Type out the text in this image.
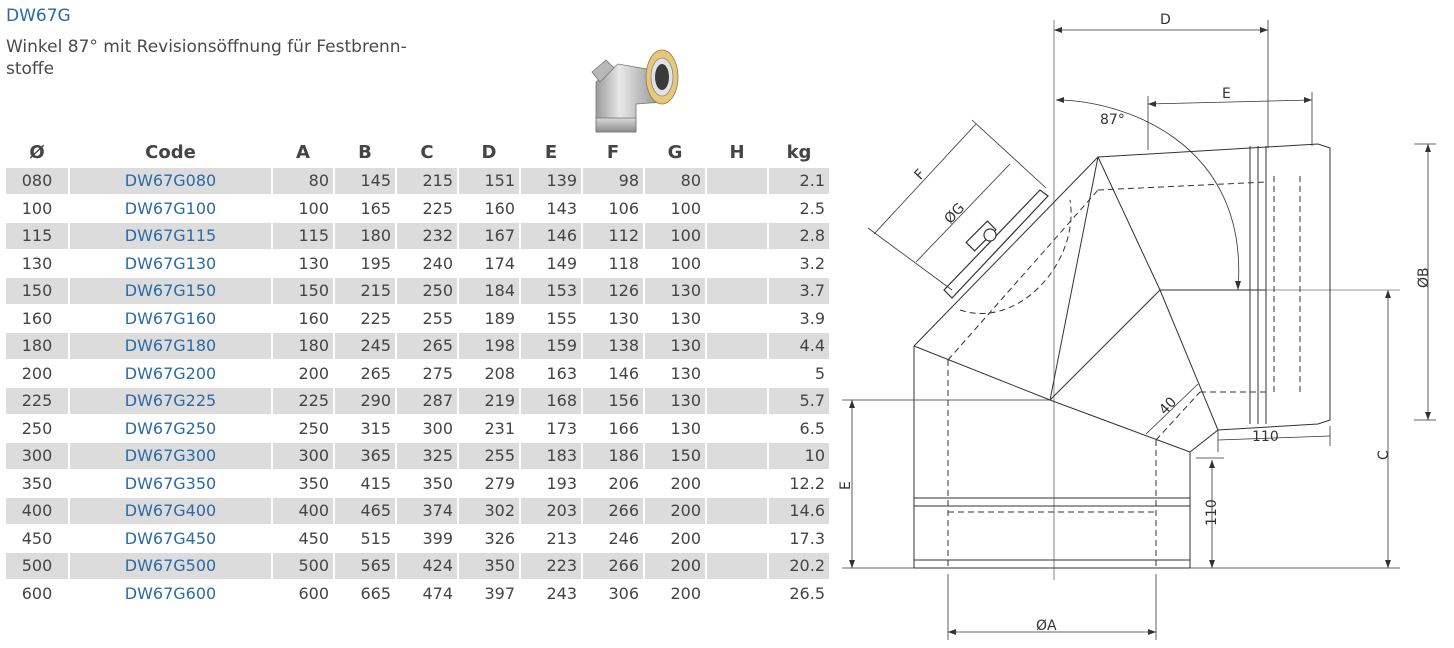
DW67G
Winkel 87° mit Revisionsöffnung für Festbrenn-
stoffe
Ø	Code	A	B	C	D	E	F	G	H	kg
080	DW67G080	80	145	215	151	139	98	80		2.1
100	DW67G100	100	165	225	160	143	106	100		2.5
115	DW67G115	115	180	232	167	146	112	100		2.8
130	DW67G130	130	195	240	174	149	118	100		3.2
150	DW67G150	150	215	250	184	153	126	130		3.7
160	DW67G160	160	225	255	189	155	130	130		3.9
180	DW67G180	180	245	265	198	159	138	130		4.4
200	DW67G200	200	265	275	208	163	146	130		5
225	DW67G225	225	290	287	219	168	156	130		5.7
250	DW67G250	250	315	300	231	173	166	130		6.5
300	DW67G300	300	365	325	255	183	186	150		10
350	DW67G350	350	415	350	279	193	206	200		12.2
400	DW67G400	400	465	374	302	203	266	200		14.6
450	DW67G450	450	515	399	326	213	246	200		17.3
500	DW67G500	500	565	424	350	223	266	200		20.2
600	DW67G600	600	665	474	397	243	306	200		26.5
D
E
87°
F
ØG
ØB
C
E
ØA
40
110
110
